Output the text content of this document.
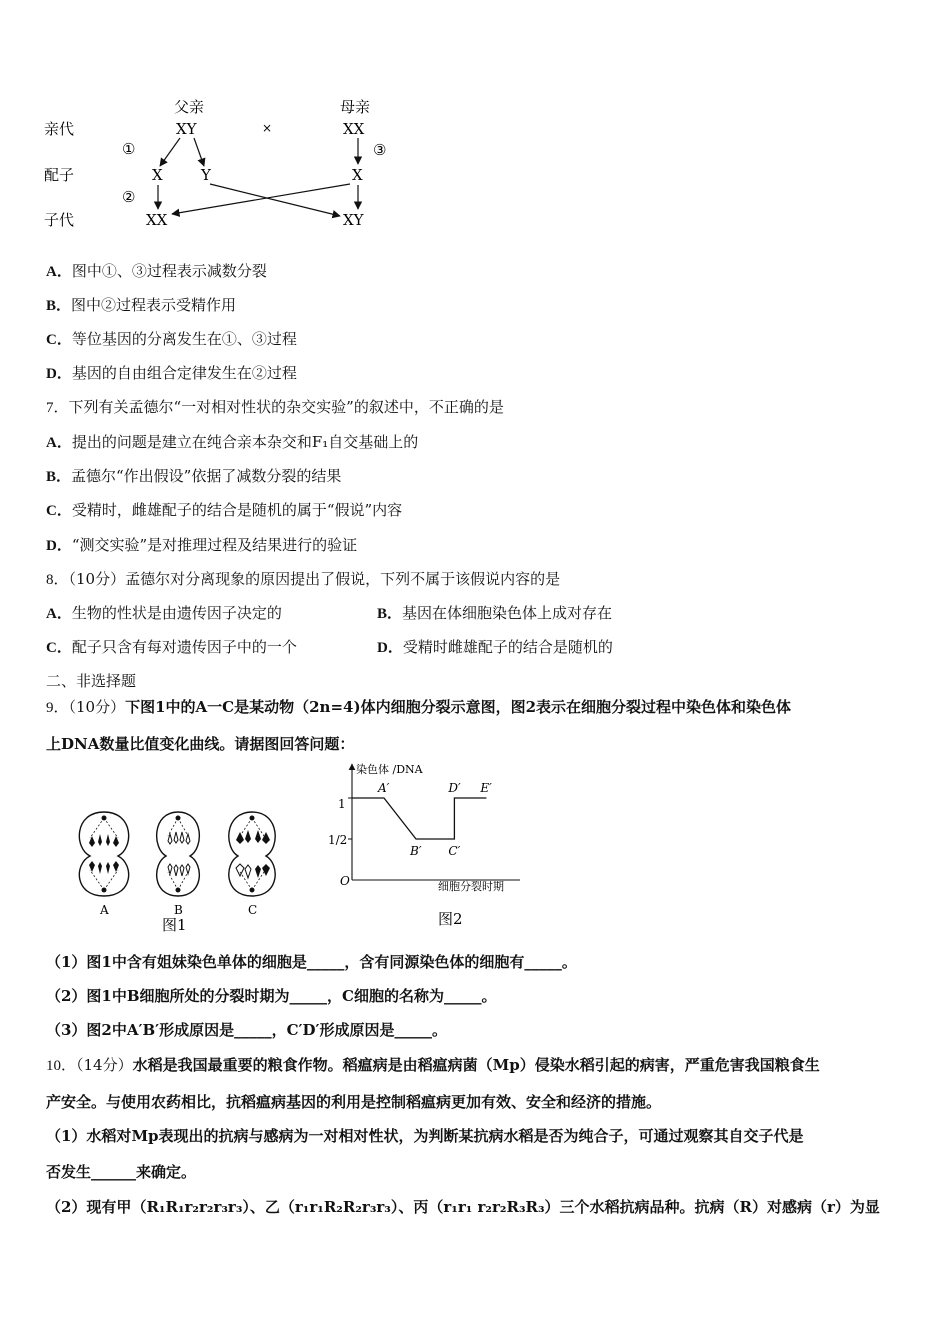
亲代
配子
子代
父亲	母亲
XY	XX
×
①
②
③
X	Y	X
XX	XY
A．图中①、③过程表示减数分裂
B．图中②过程表示受精作用
C．等位基因的分离发生在①、③过程
D．基因的自由组合定律发生在②过程
7．下列有关孟德尔“一对相对性状的杂交实验”的叙述中，不正确的是
A．提出的问题是建立在纯合亲本杂交和F₁自交基础上的
B．孟德尔“作出假设”依据了减数分裂的结果
C．受精时，雌雄配子的结合是随机的属于“假说”内容
D．“测交实验”是对推理过程及结果进行的验证
8．（10分）孟德尔对分离现象的原因提出了假说，下列不属于该假说内容的是
A．生物的性状是由遗传因子决定的	B．基因在体细胞染色体上成对存在
C．配子只含有每对遗传因子中的一个	D．受精时雌雄配子的结合是随机的
二、非选择题
9．（10分）下图1中的A一C是某动物（2n=4)体内细胞分裂示意图，图2表示在细胞分裂过程中染色体和染色体
上DNA数量比值变化曲线。请据图回答问题：
A	B	C
图1
染色体 /DNA
细胞分裂时期
O
1
1/2
A′
B′ C′
D′ E′
图2
（1）图1中含有姐妹染色单体的细胞是_____，含有同源染色体的细胞有_____。
（2）图1中B细胞所处的分裂时期为_____，C细胞的名称为_____。
（3）图2中A′B′形成原因是_____，C′D′形成原因是_____。
10．（14分）水稻是我国最重要的粮食作物。稻瘟病是由稻瘟病菌（Mp）侵染水稻引起的病害，严重危害我国粮食生
产安全。与使用农药相比，抗稻瘟病基因的利用是控制稻瘟病更加有效、安全和经济的措施。
（1）水稻对Mp表现出的抗病与感病为一对相对性状，为判断某抗病水稻是否为纯合子，可通过观察其自交子代是
否发生______来确定。
（2）现有甲（R₁R₁r₂r₂r₃r₃）、乙（r₁r₁R₂R₂r₃r₃）、丙（r₁r₁ r₂r₂R₃R₃）三个水稻抗病品种。抗病（R）对感病（r）为显
